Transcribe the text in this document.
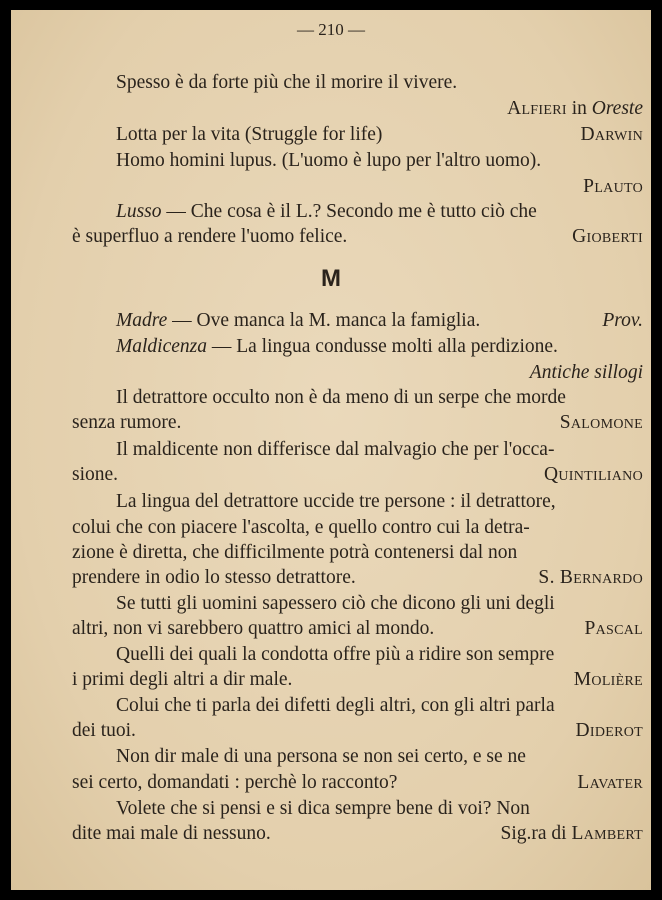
— 210 —
Spesso è da forte più che il morire il vivere.
Alfieri in Oreste
Lotta per la vita (Struggle for life)	Darwin
Homo homini lupus. (L'uomo è lupo per l'altro uomo).
Plauto
Lusso — Che cosa è il L.? Secondo me è tutto ciò che
è superfluo a rendere l'uomo felice.	Gioberti
M
Madre — Ove manca la M. manca la famiglia.	Prov.
Maldicenza — La lingua condusse molti alla perdizione.
Antiche sillogi
Il detrattore occulto non è da meno di un serpe che morde
senza rumore.	Salomone
Il maldicente non differisce dal malvagio che per l'occa-
sione.	Quintiliano
La lingua del detrattore uccide tre persone : il detrattore,
colui che con piacere l'ascolta, e quello contro cui la detra-
zione è diretta, che difficilmente potrà contenersi dal non
prendere in odio lo stesso detrattore.	S. Bernardo
Se tutti gli uomini sapessero ciò che dicono gli uni degli
altri, non vi sarebbero quattro amici al mondo.	Pascal
Quelli dei quali la condotta offre più a ridire son sempre
i primi degli altri a dir male.	Molière
Colui che ti parla dei difetti degli altri, con gli altri parla
dei tuoi.	Diderot
Non dir male di una persona se non sei certo, e se ne
sei certo, domandati : perchè lo racconto?	Lavater
Volete che si pensi e si dica sempre bene di voi? Non
dite mai male di nessuno.	Sig.ra di Lambert
